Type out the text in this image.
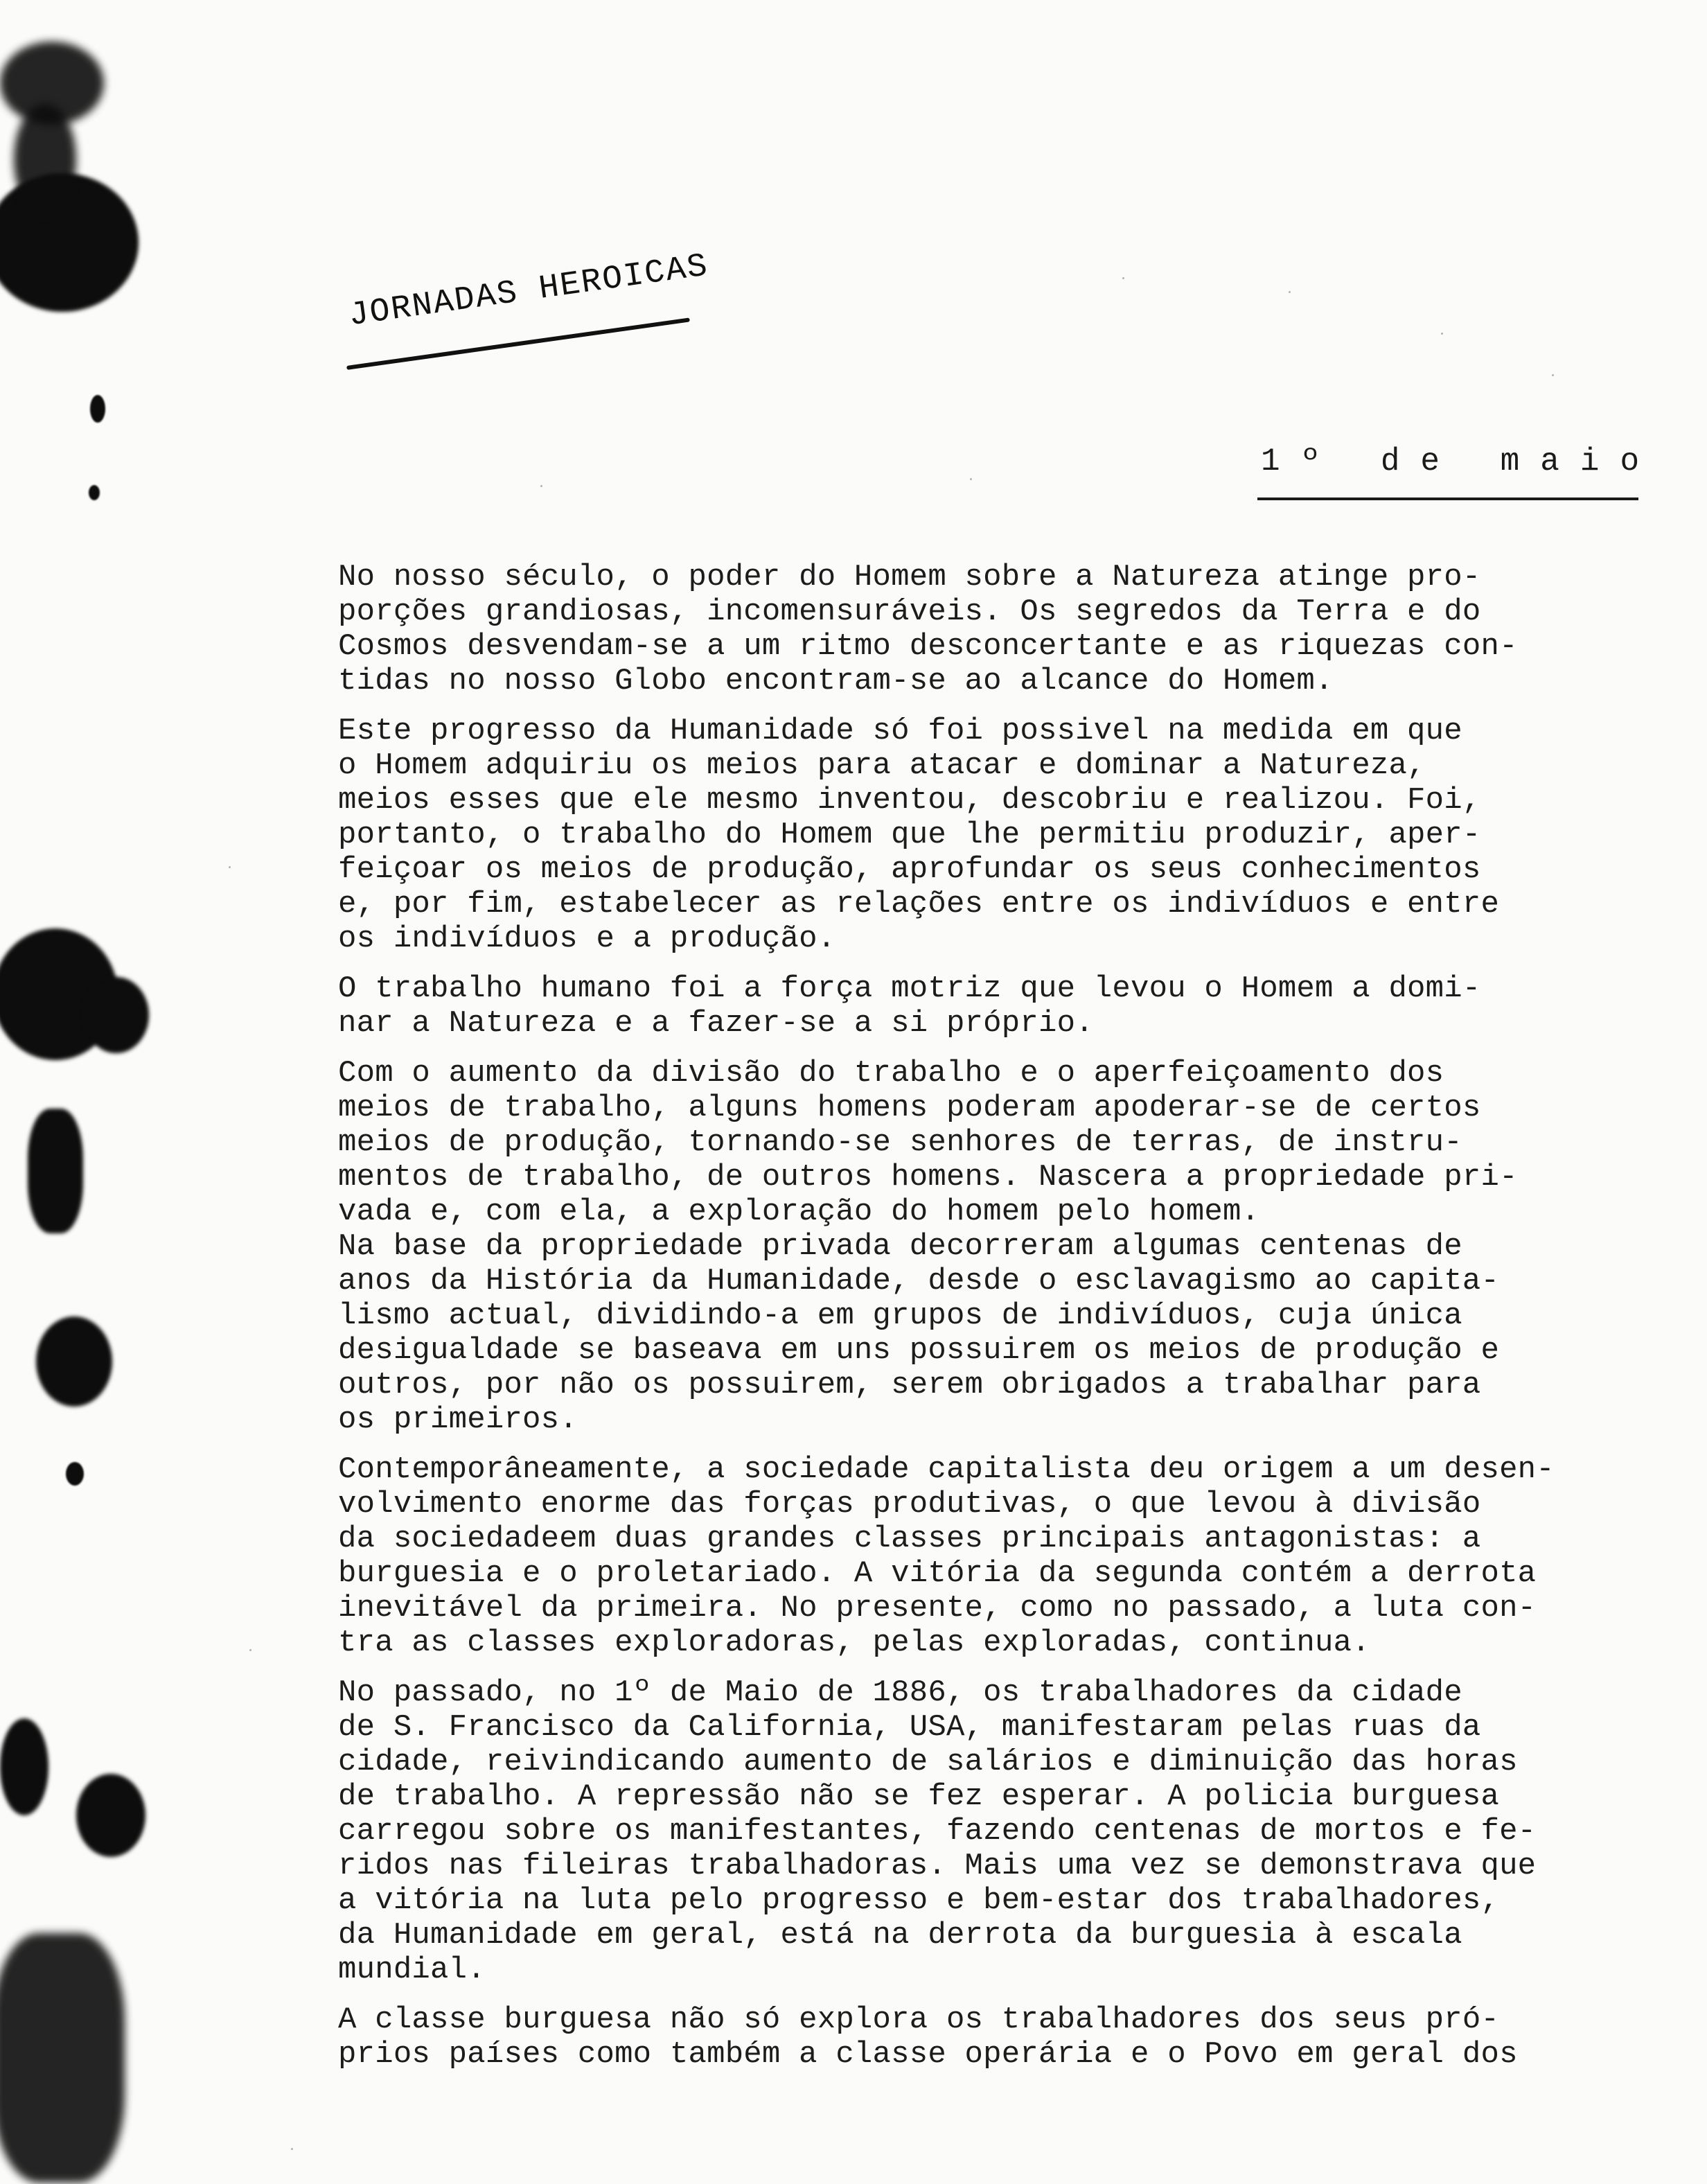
JORNADAS HEROICAS
1º de maio
No nosso século, o poder do Homem sobre a Natureza atinge pro-
porções grandiosas, incomensuráveis. Os segredos da Terra e do
Cosmos desvendam-se a um ritmo desconcertante e as riquezas con-
tidas no nosso Globo encontram-se ao alcance do Homem.
Este progresso da Humanidade só foi possivel na medida em que
o Homem adquiriu os meios para atacar e dominar a Natureza,
meios esses que ele mesmo inventou, descobriu e realizou. Foi,
portanto, o trabalho do Homem que lhe permitiu produzir, aper-
feiçoar os meios de produção, aprofundar os seus conhecimentos
e, por fim, estabelecer as relações entre os indivíduos e entre
os indivíduos e a produção.
O trabalho humano foi a força motriz que levou o Homem a domi-
nar a Natureza e a fazer-se a si próprio.
Com o aumento da divisão do trabalho e o aperfeiçoamento dos
meios de trabalho, alguns homens poderam apoderar-se de certos
meios de produção, tornando-se senhores de terras, de instru-
mentos de trabalho, de outros homens. Nascera a propriedade pri-
vada e, com ela, a exploração do homem pelo homem.
Na base da propriedade privada decorreram algumas centenas de
anos da História da Humanidade, desde o esclavagismo ao capita-
lismo actual, dividindo-a em grupos de indivíduos, cuja única
desigualdade se baseava em uns possuirem os meios de produção e
outros, por não os possuirem, serem obrigados a trabalhar para
os primeiros.
Contemporâneamente, a sociedade capitalista deu origem a um desen-
volvimento enorme das forças produtivas, o que levou à divisão
da sociedadeem duas grandes classes principais antagonistas: a
burguesia e o proletariado. A vitória da segunda contém a derrota
inevitável da primeira. No presente, como no passado, a luta con-
tra as classes exploradoras, pelas exploradas, continua.
No passado, no 1º de Maio de 1886, os trabalhadores da cidade
de S. Francisco da California, USA, manifestaram pelas ruas da
cidade, reivindicando aumento de salários e diminuição das horas
de trabalho. A repressão não se fez esperar. A policia burguesa
carregou sobre os manifestantes, fazendo centenas de mortos e fe-
ridos nas fileiras trabalhadoras. Mais uma vez se demonstrava que
a vitória na luta pelo progresso e bem-estar dos trabalhadores,
da Humanidade em geral, está na derrota da burguesia à escala
mundial.
A classe burguesa não só explora os trabalhadores dos seus pró-
prios países como também a classe operária e o Povo em geral dos
